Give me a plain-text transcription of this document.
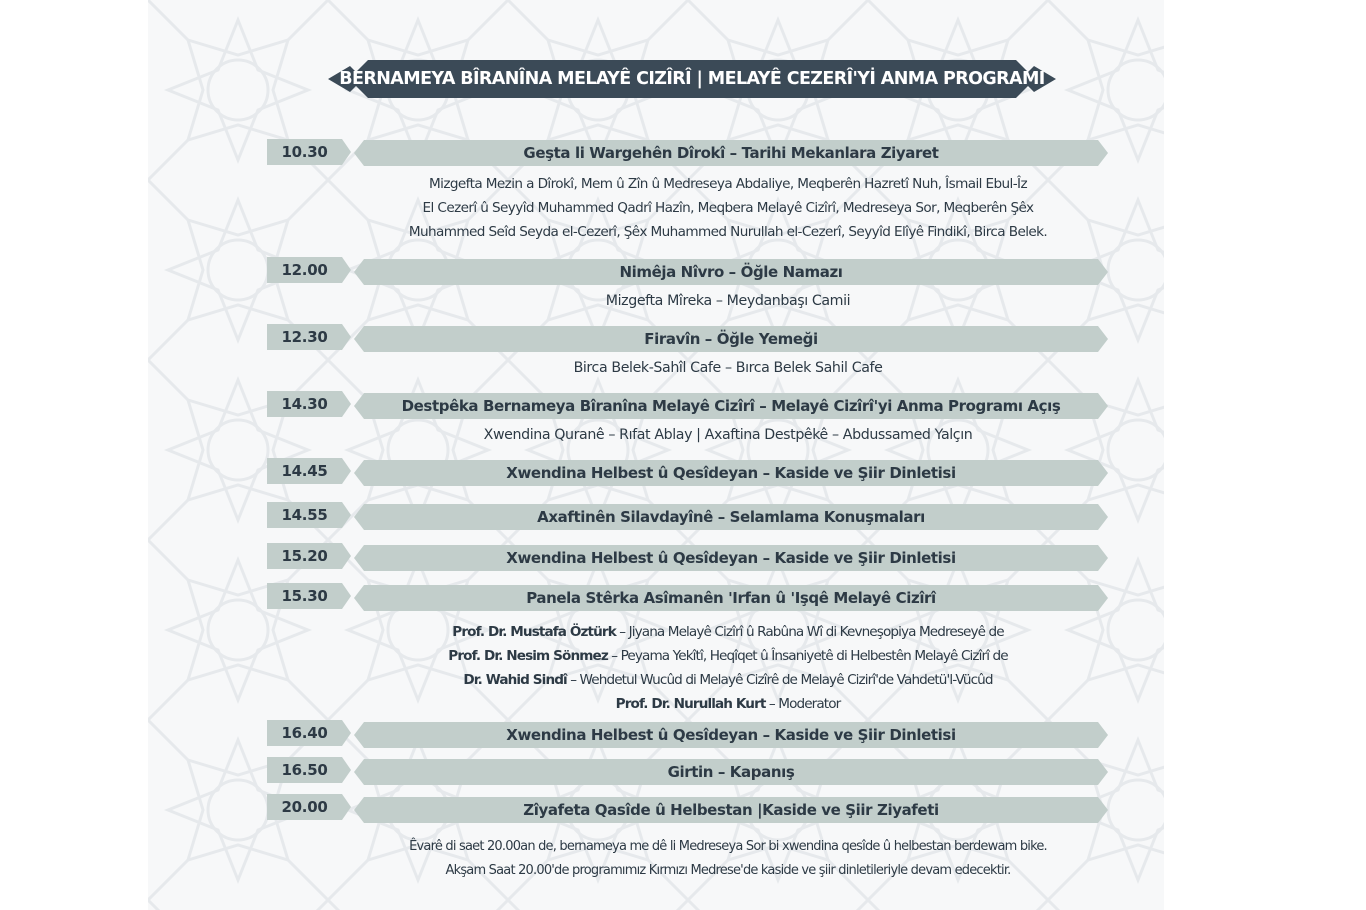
BERNAMEYA BÎRANÎNA MELAYÊ CIZÎRÎ | MELAYÊ CEZERÎ'Yİ ANMA PROGRAMI
10.30	Geşta li Wargehên Dîrokî – Tarihi Mekanlara Ziyaret
Mizgefta Mezin a Dîrokî, Mem û Zîn û Medreseya Abdaliye, Meqberên Hazretî Nuh, Îsmail Ebul-Îz
El Cezerî û Seyyîd Muhammed Qadrî Hazîn, Meqbera Melayê Cizîrî, Medreseya Sor, Meqberên Şêx
Muhammed Seîd Seyda el-Cezerî, Şêx Muhammed Nurullah el-Cezerî, Seyyîd Elîyê Findikî, Birca Belek.
12.00	Nimêja Nîvro – Öğle Namazı
Mizgefta Mîreka – Meydanbaşı Camii
12.30	Firavîn – Öğle Yemeği
Birca Belek-Sahîl Cafe – Bırca Belek Sahil Cafe
14.30	Destpêka Bernameya Bîranîna Melayê Cizîrî – Melayê Cizîrî'yi Anma Programı Açış
Xwendina Quranê – Rıfat Ablay | Axaftina Destpêkê – Abdussamed Yalçın
14.45	Xwendina Helbest û Qesîdeyan – Kaside ve Şiir Dinletisi
14.55	Axaftinên Silavdayînê – Selamlama Konuşmaları
15.20	Xwendina Helbest û Qesîdeyan – Kaside ve Şiir Dinletisi
15.30	Panela Stêrka Asîmanên 'Irfan û 'Işqê Melayê Cizîrî
Prof. Dr. Mustafa Öztürk – Jiyana Melayê Cizîrî û Rabûna Wî di Kevneşopiya Medreseyê de
Prof. Dr. Nesim Sönmez – Peyama Yekîtî, Heqîqet û Însaniyetê di Helbestên Melayê Cizîrî de
Dr. Wahid Sindî – Wehdetul Wucûd di Melayê Cizîrê de Melayê Cizirî'de Vahdetü'l-Vücûd
Prof. Dr. Nurullah Kurt – Moderator
16.40	Xwendina Helbest û Qesîdeyan – Kaside ve Şiir Dinletisi
16.50	Girtin – Kapanış
20.00	Zîyafeta Qasîde û Helbestan |Kaside ve Şiir Ziyafeti
Êvarê di saet 20.00an de, bernameya me dê li Medreseya Sor bi xwendina qesîde û helbestan berdewam bike.
Akşam Saat 20.00'de programımız Kırmızı Medrese'de kaside ve şiir dinletileriyle devam edecektir.
